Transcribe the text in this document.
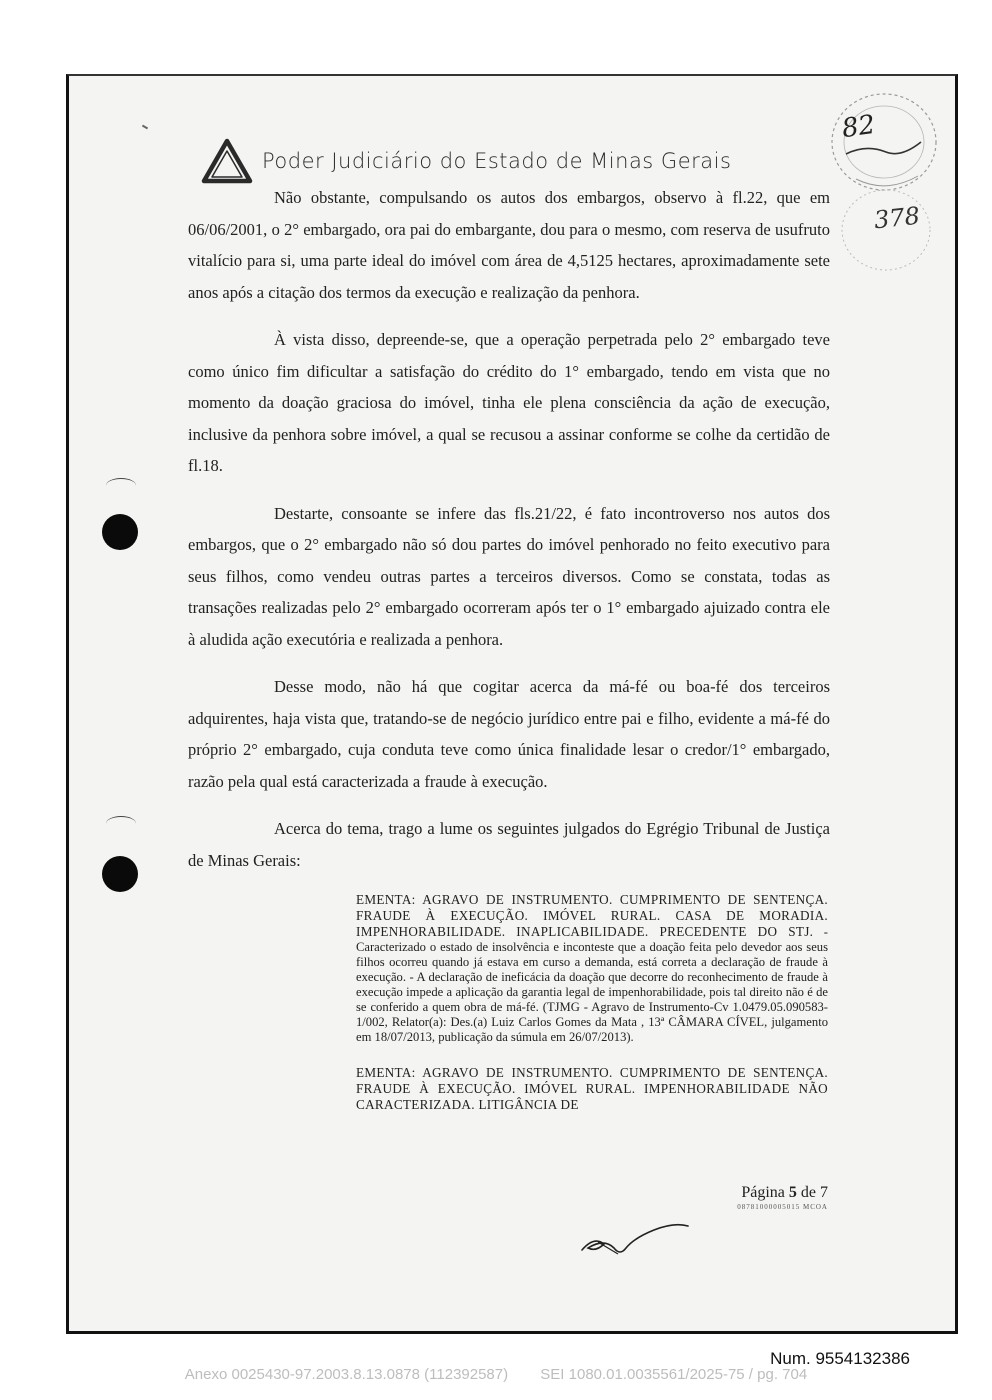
Poder Judiciário do Estado de Minas Gerais
82
378

Não obstante, compulsando os autos dos embargos, observo à fl.22, que em 06/06/2001, o 2° embargado, ora pai do embargante, dou para o mesmo, com reserva de usufruto vitalício para si, uma parte ideal do imóvel com área de 4,5125 hectares, aproximadamente sete anos após a citação dos termos da execução e realização da penhora.

À vista disso, depreende-se, que a operação perpetrada pelo 2° embargado teve como único fim dificultar a satisfação do crédito do 1° embargado, tendo em vista que no momento da doação graciosa do imóvel, tinha ele plena consciência da ação de execução, inclusive da penhora sobre imóvel, a qual se recusou a assinar conforme se colhe da certidão de fl.18.

Destarte, consoante se infere das fls.21/22, é fato incontroverso nos autos dos embargos, que o 2° embargado não só dou partes do imóvel penhorado no feito executivo para seus filhos, como vendeu outras partes a terceiros diversos. Como se constata, todas as transações realizadas pelo 2° embargado ocorreram após ter o 1° embargado ajuizado contra ele à aludida ação executória e realizada a penhora.

Desse modo, não há que cogitar acerca da má-fé ou boa-fé dos terceiros adquirentes, haja vista que, tratando-se de negócio jurídico entre pai e filho, evidente a má-fé do próprio 2° embargado, cuja conduta teve como única finalidade lesar o credor/1° embargado, razão pela qual está caracterizada a fraude à execução.

Acerca do tema, trago a lume os seguintes julgados do Egrégio Tribunal de Justiça de Minas Gerais:

EMENTA: AGRAVO DE INSTRUMENTO. CUMPRIMENTO DE SENTENÇA. FRAUDE À EXECUÇÃO. IMÓVEL RURAL. CASA DE MORADIA. IMPENHORABILIDADE. INAPLICABILIDADE. PRECEDENTE DO STJ. - Caracterizado o estado de insolvência e inconteste que a doação feita pelo devedor aos seus filhos ocorreu quando já estava em curso a demanda, está correta a declaração de fraude à execução. - A declaração de ineficácia da doação que decorre do reconhecimento de fraude à execução impede a aplicação da garantia legal de impenhorabilidade, pois tal direito não é de se conferido a quem obra de má-fé. (TJMG - Agravo de Instrumento-Cv 1.0479.05.090583-1/002, Relator(a): Des.(a) Luiz Carlos Gomes da Mata , 13ª CÂMARA CÍVEL, julgamento em 18/07/2013, publicação da súmula em 26/07/2013).

EMENTA: AGRAVO DE INSTRUMENTO. CUMPRIMENTO DE SENTENÇA. FRAUDE À EXECUÇÃO. IMÓVEL RURAL. IMPENHORABILIDADE NÃO CARACTERIZADA. LITIGÂNCIA DE

Página 5 de 7
08781000005015 MCOA
Num. 9554132386
Anexo 0025430-97.2003.8.13.0878 (112392587) SEI 1080.01.0035561/2025-75 / pg. 704
